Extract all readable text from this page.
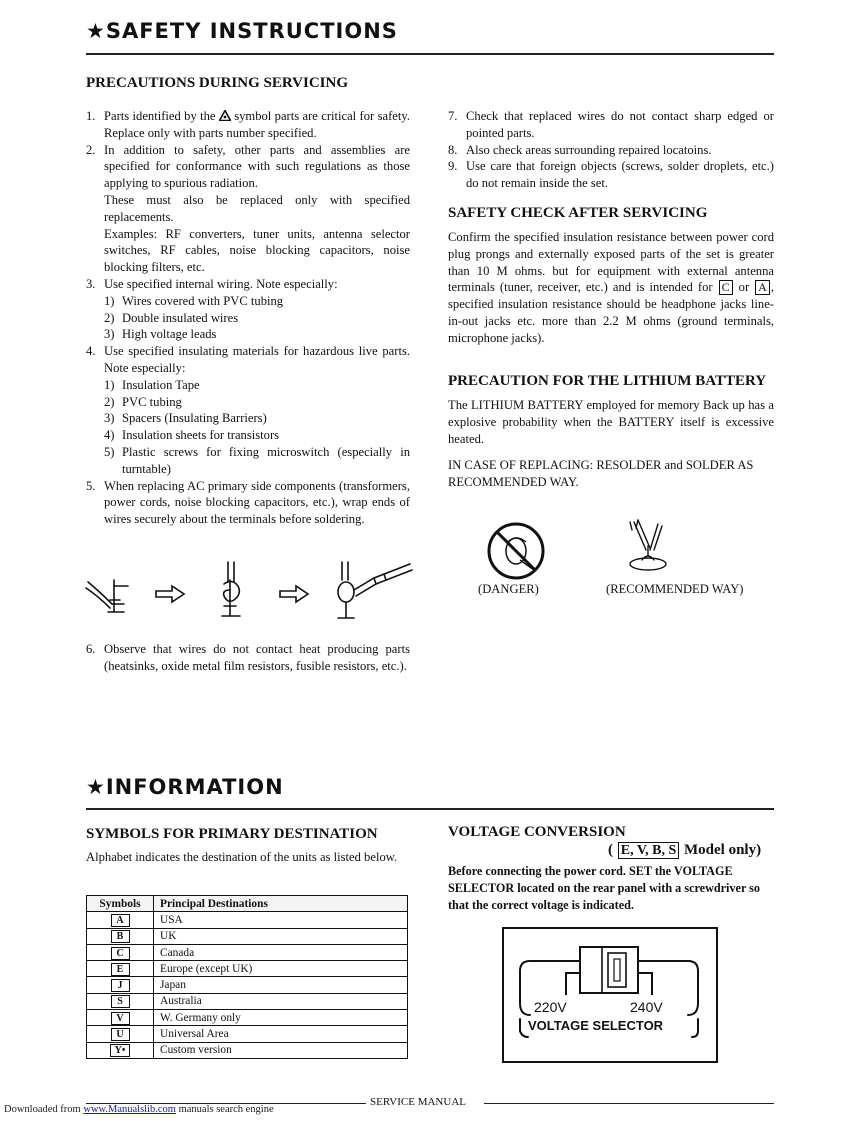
★SAFETY INSTRUCTIONS
PRECAUTIONS DURING SERVICING
1. Parts identified by the symbol parts are critical for safety. Replace only with parts number specified.
2. In addition to safety, other parts and assemblies are specified for conformance with such regulations as those applying to spurious radiation.

These must also be replaced only with specified replacements.

Examples: RF converters, tuner units, antenna selector switches, RF cables, noise blocking capacitors, noise blocking filters, etc.

3. Use specified internal wiring. Note especially:
1) Wires covered with PVC tubing
2) Double insulated wires
3) High voltage leads
4. Use specified insulating materials for hazardous live parts. Note especially:
1) Insulation Tape
2) PVC tubing
3) Spacers (Insulating Barriers)
4) Insulation sheets for transistors
5) Plastic screws for fixing microswitch (especially in turntable)
5. When replacing AC primary side components (transformers, power cords, noise blocking capacitors, etc.), wrap ends of wires securely about the terminals before soldering.
6. Observe that wires do not contact heat producing parts (heatsinks, oxide metal film resistors, fusible resistors, etc.).
7. Check that replaced wires do not contact sharp edged or pointed parts.
8. Also check areas surrounding repaired locatoins.
9. Use care that foreign objects (screws, solder droplets, etc.) do not remain inside the set.
SAFETY CHECK AFTER SERVICING
Confirm the specified insulation resistance between power cord plug prongs and externally exposed parts of the set is greater than 10 M ohms. but for equipment with external antenna terminals (tuner, receiver, etc.) and is intended for C or A , specified insulation resistance should be headphone jacks line-in-out jacks etc. more than 2.2 M ohms (ground terminals, microphone jacks).
PRECAUTION FOR THE LITHIUM BATTERY
The LITHIUM BATTERY employed for memory Back up has a explosive probability when the BATTERY itself is excessive heated.
IN CASE OF REPLACING: RESOLDER and SOLDER AS RECOMMENDED WAY.
(DANGER)	(RECOMMENDED WAY)
★INFORMATION
SYMBOLS FOR PRIMARY DESTINATION
Alphabet indicates the destination of the units as listed below.
Symbols	Principal Destinations
A	USA
B	UK
C	Canada
E	Europe (except UK)
J	Japan
S	Australia
V	W. Germany only
U	Universal Area
Y•	Custom version
VOLTAGE CONVERSION
( E, V, B, S Model only)
Before connecting the power cord. SET the VOLTAGE SELECTOR located on the rear panel with a screwdriver so that the correct voltage is indicated.
220V	240V
VOLTAGE SELECTOR
SERVICE MANUAL
Downloaded from www.Manualslib.com manuals search engine
